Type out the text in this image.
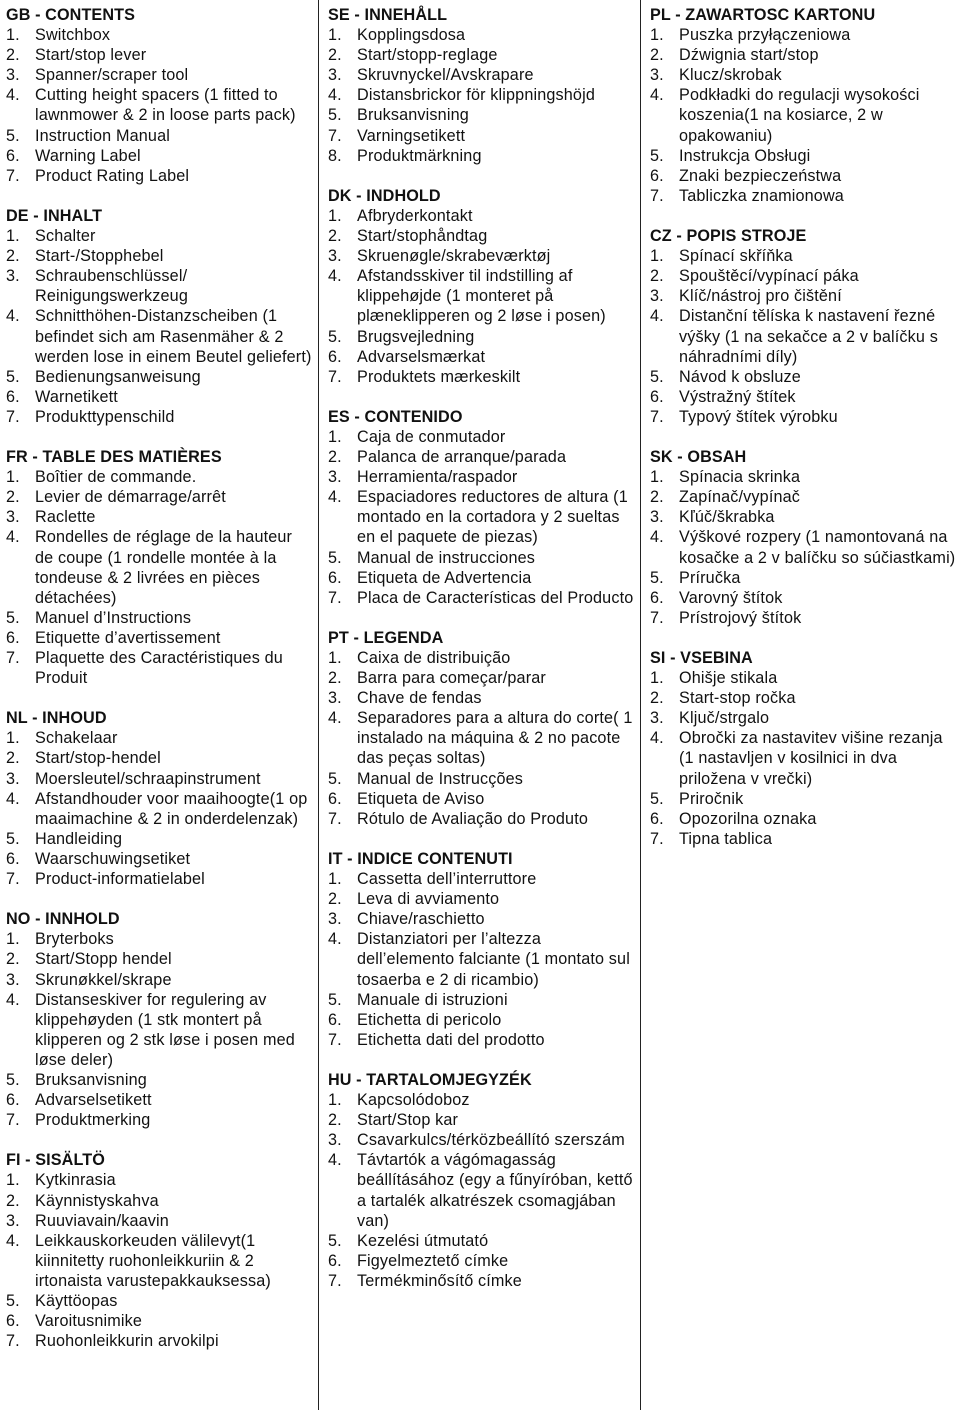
GB - CONTENTS
1. Switchbox
2. Start/stop lever
3. Spanner/scraper tool
4. Cutting height spacers (1 fitted to lawnmower & 2 in loose parts pack)
5. Instruction Manual
6. Warning Label
7. Product Rating Label
DE - INHALT
1. Schalter
2. Start-/Stopphebel
3. Schraubenschlüssel/ Reinigungswerkzeug
4. Schnitthöhen-Distanzscheiben (1 befindet sich am Rasenmäher & 2 werden lose in einem Beutel geliefert)
5. Bedienungsanweisung
6. Warnetikett
7. Produkttypenschild
FR - TABLE DES MATIÈRES
1. Boîtier de commande.
2. Levier de démarrage/arrêt
3. Raclette
4. Rondelles de réglage de la hauteur de coupe (1 rondelle montée à la tondeuse & 2 livrées en pièces détachées)
5. Manuel d’Instructions
6. Etiquette d’avertissement
7. Plaquette des Caractéristiques du Produit
NL - INHOUD
1. Schakelaar
2. Start/stop-hendel
3. Moersleutel/schraapinstrument
4. Afstandhouder voor maaihoogte(1 op maaimachine & 2 in onderdelenzak)
5. Handleiding
6. Waarschuwingsetiket
7. Product-informatielabel
NO - INNHOLD
1. Bryterboks
2. Start/Stopp hendel
3. Skrunøkkel/skrape
4. Distanseskiver for regulering av klippehøyden (1 stk montert på klipperen og 2 stk løse i posen med løse deler)
5. Bruksanvisning
6. Advarselsetikett
7. Produktmerking
FI - SISÄLTÖ
1. Kytkinrasia
2. Käynnistyskahva
3. Ruuviavain/kaavin
4. Leikkauskorkeuden välilevyt(1 kiinnitetty ruohonleikkuriin & 2 irtonaista varustepakkauksessa)
5. Käyttöopas
6. Varoitusnimike
7. Ruohonleikkurin arvokilpi
SE - INNEHÅLL
1. Kopplingsdosa
2. Start/stopp-reglage
3. Skruvnyckel/Avskrapare
4. Distansbrickor för klippningshöjd
5. Bruksanvisning
7. Varningsetikett
8. Produktmärkning
DK - INDHOLD
1. Afbryderkontakt
2. Start/stophåndtag
3. Skruenøgle/skrabeværktøj
4. Afstandsskiver til indstilling af klippehøjde (1 monteret på plæneklipperen og 2 løse i posen)
5. Brugsvejledning
6. Advarselsmærkat
7. Produktets mærkeskilt
ES - CONTENIDO
1. Caja de conmutador
2. Palanca de arranque/parada
3. Herramienta/raspador
4. Espaciadores reductores de altura (1 montado en la cortadora y 2 sueltas en el paquete de piezas)
5. Manual de instrucciones
6. Etiqueta de Advertencia
7. Placa de Características del Producto
PT - LEGENDA
1. Caixa de distribuição
2. Barra para começar/parar
3. Chave de fendas
4. Separadores para a altura do corte( 1 instalado na máquina & 2 no pacote das peças soltas)
5. Manual de Instrucções
6. Etiqueta de Aviso
7. Rótulo de Avaliação do Produto
IT - INDICE CONTENUTI
1. Cassetta dell’interruttore
2. Leva di avviamento
3. Chiave/raschietto
4. Distanziatori per l’altezza dell’elemento falciante (1 montato sul tosaerba e 2 di ricambio)
5. Manuale di istruzioni
6. Etichetta di pericolo
7. Etichetta dati del prodotto
HU - TARTALOMJEGYZÉK
1. Kapcsolódoboz
2. Start/Stop kar
3. Csavarkulcs/térközbeállító szerszám
4. Távtartók a vágómagasság beállításához (egy a fűnyíróban, kettő a tartalék alkatrészek csomagjában van)
5. Kezelési útmutató
6. Figyelmeztető címke
7. Termékminősítő címke
PL - ZAWARTOSC KARTONU
1. Puszka przyłączeniowa
2. Dźwignia start/stop
3. Klucz/skrobak
4. Podkładki do regulacji wysokości koszenia(1 na kosiarce, 2 w opakowaniu)
5. Instrukcja Obsługi
6. Znaki bezpieczeństwa
7. Tabliczka znamionowa
CZ - POPIS STROJE
1. Spínací skříňka
2. Spouštěcí/vypínací páka
3. Klíč/nástroj pro čištění
4. Distanční tělíska k nastavení řezné výšky (1 na sekačce a 2 v balíčku s náhradními díly)
5. Návod k obsluze
6. Výstražný štítek
7. Typový štítek výrobku
SK - OBSAH
1. Spínacia skrinka
2. Zapínač/vypínač
3. Kľúč/škrabka
4. Výškové rozpery (1 namontovaná na kosačke a 2 v balíčku so súčiastkami)
5. Príručka
6. Varovný štítok
7. Prístrojový štítok
SI - VSEBINA
1. Ohišje stikala
2. Start-stop ročka
3. Ključ/strgalo
4. Obročki za nastavitev višine rezanja (1 nastavljen v kosilnici in dva priložena v vrečki)
5. Priročnik
6. Opozorilna oznaka
7. Tipna tablica
